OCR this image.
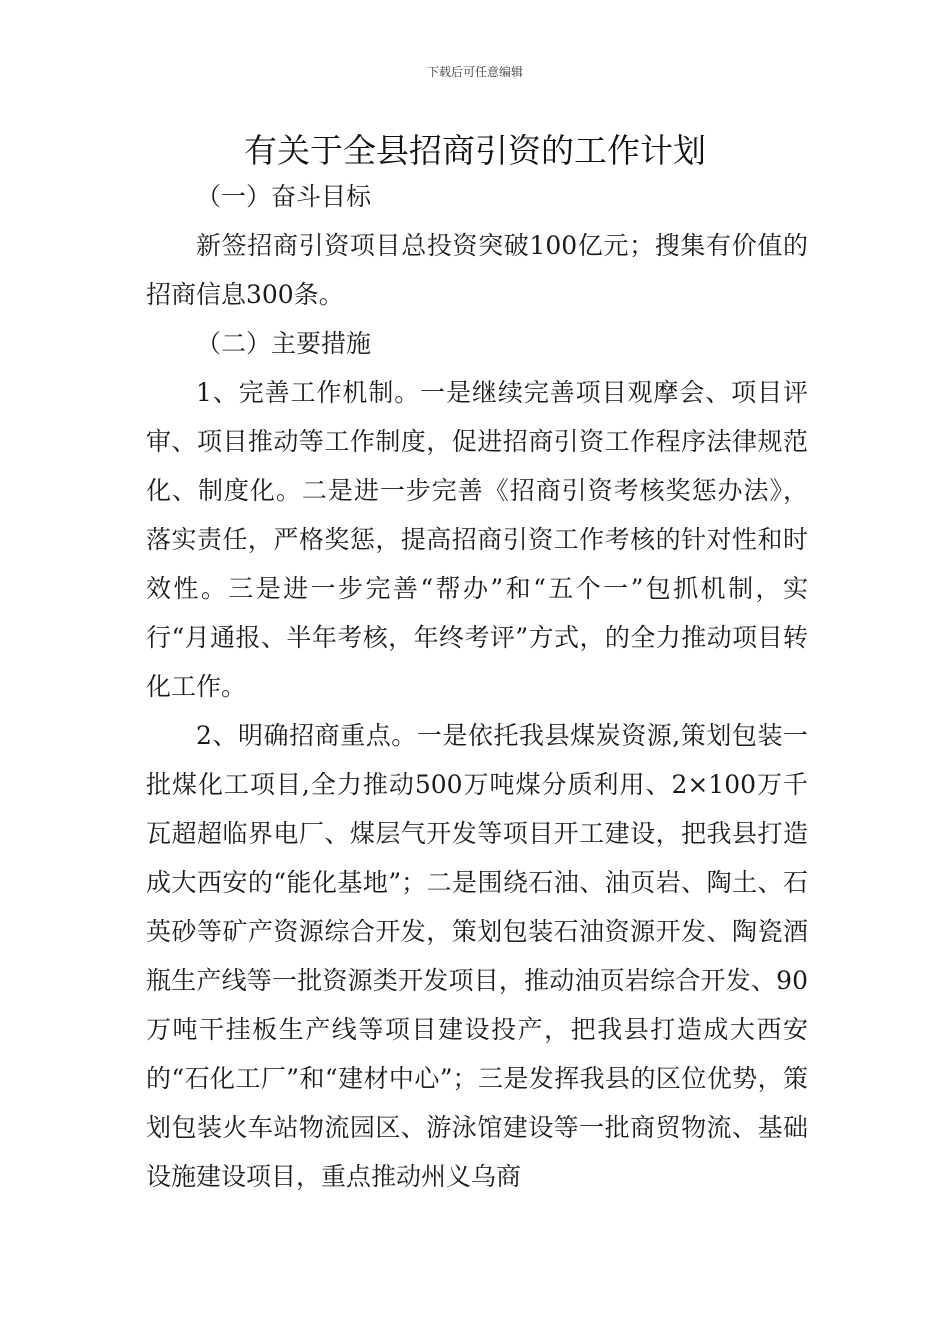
下载后可任意编辑
有关于全县招商引资的工作计划

（一）奋斗目标

新签招商引资项目总投资突破100亿元；搜集有价值的招商信息300条。

（二）主要措施

1、完善工作机制。一是继续完善项目观摩会、项目评审、项目推动等工作制度，促进招商引资工作程序法律规范化、制度化。二是进一步完善《招商引资考核奖惩办法》，落实责任，严格奖惩，提高招商引资工作考核的针对性和时效性。三是进一步完善“帮办”和“五个一”包抓机制，实行“月通报、半年考核，年终考评”方式，的全力推动项目转化工作。

2、明确招商重点。一是依托我县煤炭资源,策划包装一批煤化工项目,全力推动500万吨煤分质利用、2×100万千瓦超超临界电厂、煤层气开发等项目开工建设，把我县打造成大西安的“能化基地”；二是围绕石油、油页岩、陶土、石英砂等矿产资源综合开发，策划包装石油资源开发、陶瓷酒瓶生产线等一批资源类开发项目，推动油页岩综合开发、90万吨干挂板生产线等项目建设投产，把我县打造成大西安的“石化工厂”和“建材中心”；三是发挥我县的区位优势，策划包装火车站物流园区、游泳馆建设等一批商贸物流、基础设施建设项目，重点推动州义乌商
